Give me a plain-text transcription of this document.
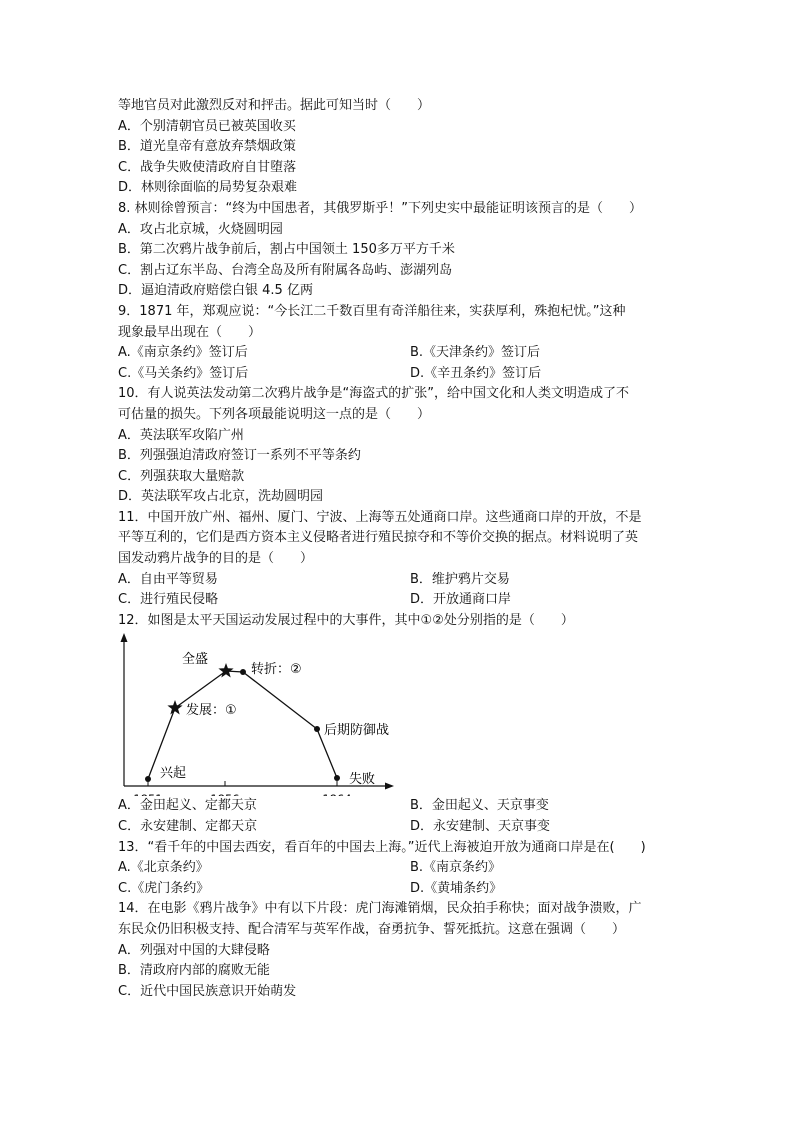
等地官员对此激烈反对和抨击。据此可知当时（　　）
A．个别清朝官员已被英国收买
B．道光皇帝有意放弃禁烟政策
C．战争失败使清政府自甘堕落
D．林则徐面临的局势复杂艰难
8. 林则徐曾预言：“终为中国患者，其俄罗斯乎！”下列史实中最能证明该预言的是（　　）
A．攻占北京城，火烧圆明园
B．第二次鸦片战争前后，割占中国领土 150多万平方千米
C．割占辽东半岛、台湾全岛及所有附属各岛屿、澎湖列岛
D．逼迫清政府赔偿白银 4.5 亿两
9．1871 年，郑观应说：“今长江二千数百里有奇洋船往来，实获厚利，殊抱杞忧。”这种
现象最早出现在（　　）
A.《南京条约》签订后	B.《天津条约》签订后
C.《马关条约》签订后	D.《辛丑条约》签订后
10．有人说英法发动第二次鸦片战争是“海盗式的扩张”，给中国文化和人类文明造成了不
可估量的损失。下列各项最能说明这一点的是（　　）
A．英法联军攻陷广州
B．列强强迫清政府签订一系列不平等条约
C．列强获取大量赔款
D．英法联军攻占北京，洗劫圆明园
11．中国开放广州、福州、厦门、宁波、上海等五处通商口岸。这些通商口岸的开放，不是
平等互利的，它们是西方资本主义侵略者进行殖民掠夺和不等价交换的据点。材料说明了英
国发动鸦片战争的目的是（　　）
A．自由平等贸易	B．维护鸦片交易
C．进行殖民侵略	D．开放通商口岸
12．如图是太平天国运动发展过程中的大事件，其中①②处分别指的是（　　）
兴起
发展：①
全盛
转折：②
后期防御战
失败
A．金田起义、定都天京	B．金田起义、天京事变
C．永安建制、定都天京	D．永安建制、天京事变
13．“看千年的中国去西安，看百年的中国去上海。”近代上海被迫开放为通商口岸是在(　　)
A.《北京条约》	B.《南京条约》
C.《虎门条约》	D.《黄埔条约》
14．在电影《鸦片战争》中有以下片段：虎门海滩销烟，民众拍手称快；面对战争溃败，广
东民众仍旧积极支持、配合清军与英军作战，奋勇抗争、誓死抵抗。这意在强调（　　）
A．列强对中国的大肆侵略
B．清政府内部的腐败无能
C．近代中国民族意识开始萌发
